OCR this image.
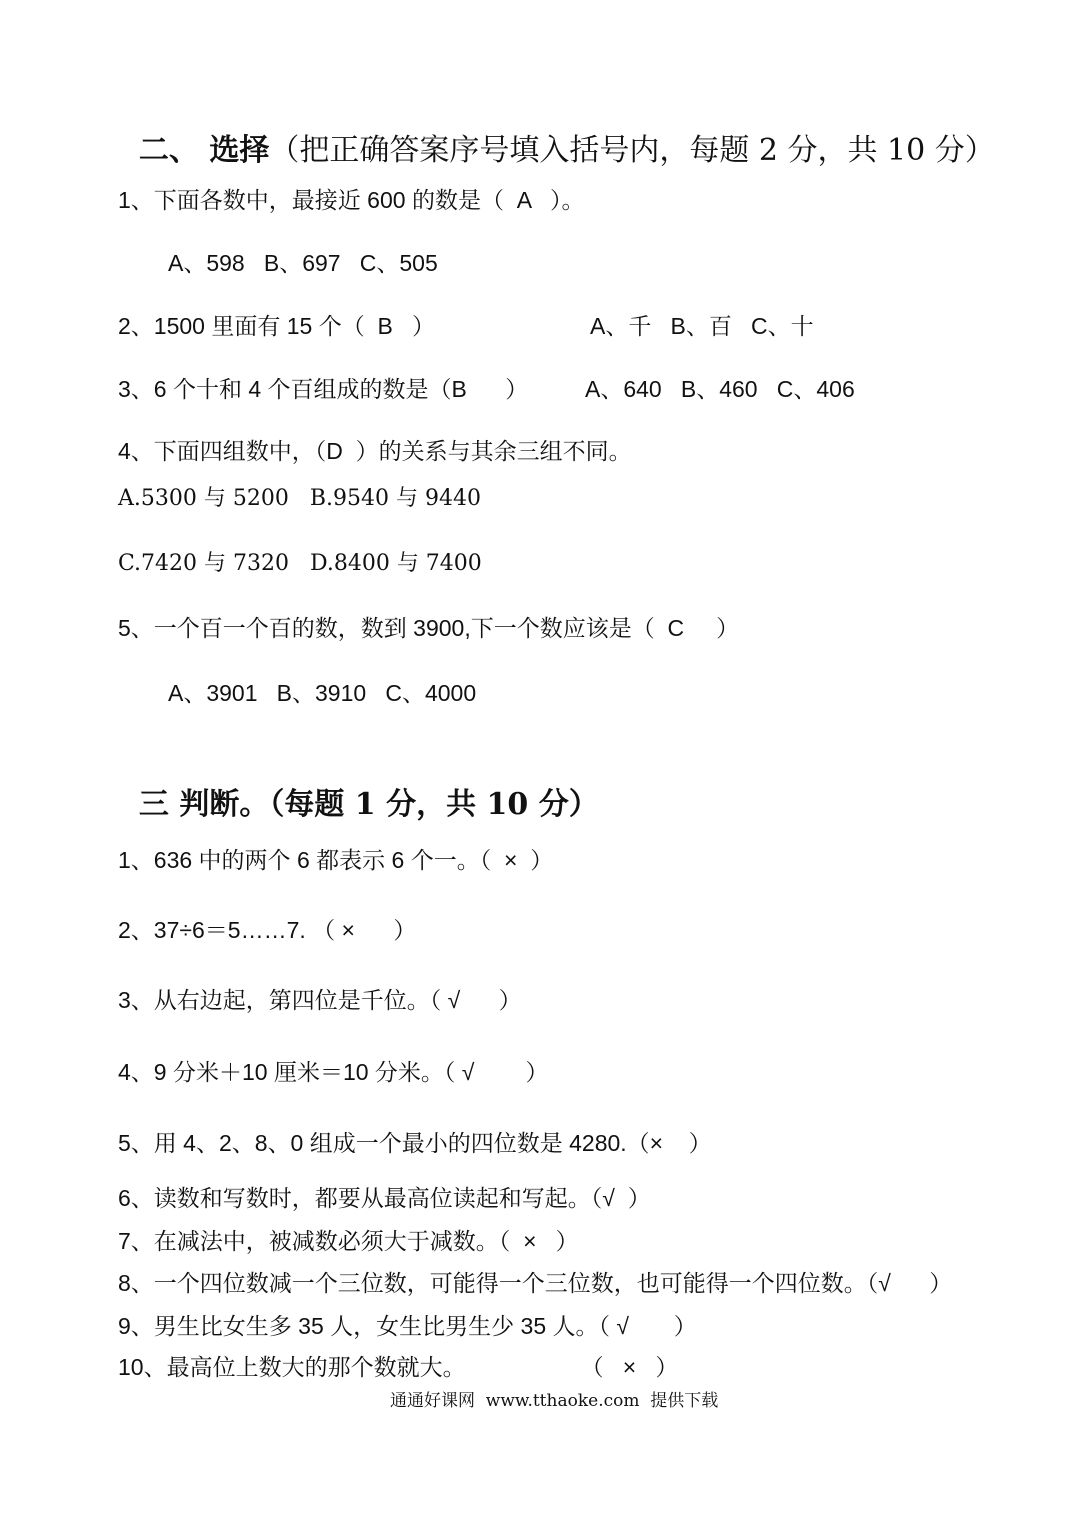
二、 选择（把正确答案序号填入括号内，每题 2 分，共 10 分）

1、下面各数中，最接近 600 的数是（  A   ）。
A、598   B、697   C、505
2、1500 里面有 15 个（  B   ）	A、千   B、百   C、十
3、6 个十和 4 个百组成的数是（B      ） A、640   B、460   C、406
4、下面四组数中，（D  ）的关系与其余三组不同。
A.5300 与 5200   B.9540 与 9440
C.7420 与 7320   D.8400 与 7400
5、一个百一个百的数，数到 3900,下一个数应该是（  C     ）
A、3901   B、3910   C、4000

三 判断。（每题 1 分，共 10 分）

1、636 中的两个 6 都表示 6 个一。（  ×  ）
2、37÷6＝5……7. （ ×      ）
3、从右边起，第四位是千位。（ √      ）
4、9 分米＋10 厘米＝10 分米。（ √        ）
5、用 4、2、8、0 组成一个最小的四位数是 4280.（×    ）
6、读数和写数时，都要从最高位读起和写起。（√  ）
7、在减法中，被减数必须大于减数。（  ×   ）
8、一个四位数减一个三位数，可能得一个三位数，也可能得一个四位数。（√      ）
9、男生比女生多 35 人，女生比男生少 35 人。（ √       ）
10、最高位上数大的那个数就大。                  （   ×   ）
通通好课网  www.tthaoke.com  提供下载
